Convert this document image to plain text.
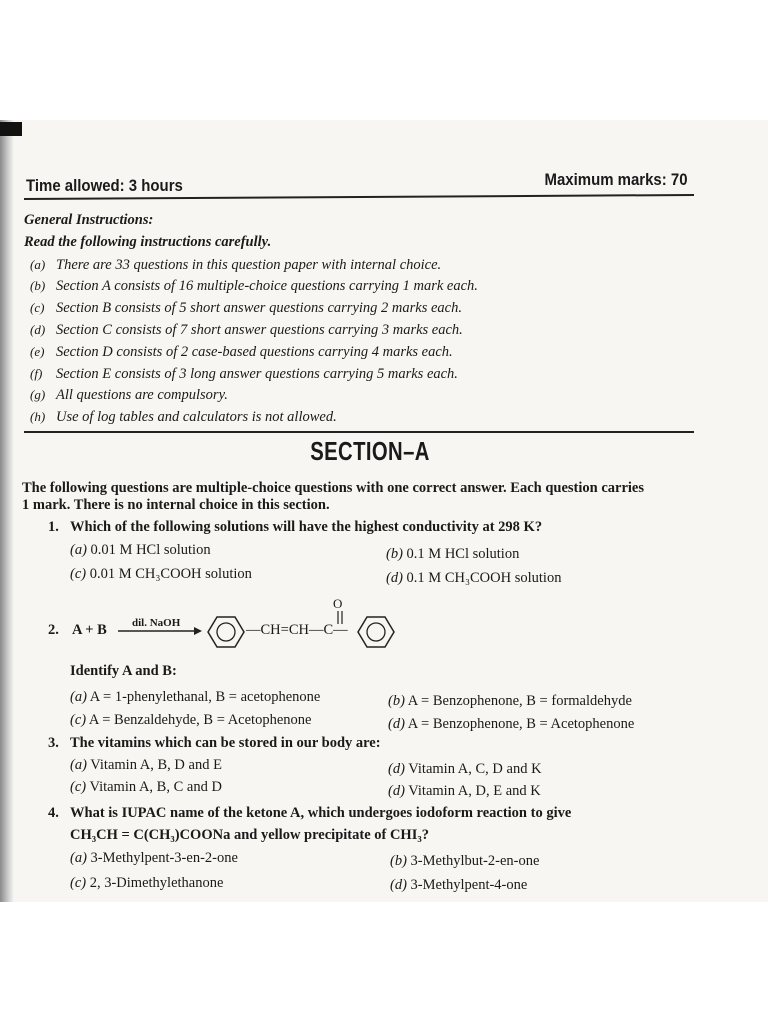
Time allowed: 3 hours	Maximum marks: 70
General Instructions:
Read the following instructions carefully.
(a) There are 33 questions in this question paper with internal choice.
(b) Section A consists of 16 multiple-choice questions carrying 1 mark each.
(c) Section B consists of 5 short answer questions carrying 2 marks each.
(d) Section C consists of 7 short answer questions carrying 3 marks each.
(e) Section D consists of 2 case-based questions carrying 4 marks each.
(f) Section E consists of 3 long answer questions carrying 5 marks each.
(g) All questions are compulsory.
(h) Use of log tables and calculators is not allowed.
SECTION–A
The following questions are multiple-choice questions with one correct answer. Each question carries
1 mark. There is no internal choice in this section.
1. Which of the following solutions will have the highest conductivity at 298 K?
(a) 0.01 M HCl solution	(b) 0.1 M HCl solution
(c) 0.01 M CH₃COOH solution	(d) 0.1 M CH₃COOH solution
2. A + B dil. NaOH	—CH=CH—C—
O
Identify A and B:
(a) A = 1-phenylethanal, B = acetophenone	(b) A = Benzophenone, B = formaldehyde
(c) A = Benzaldehyde, B = Acetophenone	(d) A = Benzophenone, B = Acetophenone
3. The vitamins which can be stored in our body are:
(a) Vitamin A, B, D and E	(d) Vitamin A, C, D and K
(c) Vitamin A, B, C and D	(d) Vitamin A, D, E and K
4. What is IUPAC name of the ketone A, which undergoes iodoform reaction to give
CH₃CH = C(CH₃)COONa and yellow precipitate of CHI₃?
(a) 3-Methylpent-3-en-2-one	(b) 3-Methylbut-2-en-one
(c) 2, 3-Dimethylethanone	(d) 3-Methylpent-4-one
